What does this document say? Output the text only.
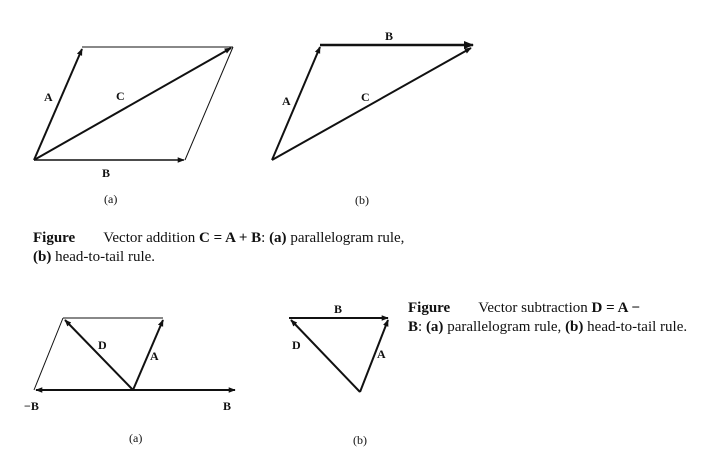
A	C
B
(a)
A
B
C
(b)
D
A
−B	B
(a)
B
D
A
(b)
Figure Vector addition C = A + B: (a) parallelogram rule,
(b) head-to-tail rule.
Figure Vector subtraction D = A −
B: (a) parallelogram rule, (b) head-to-tail rule.
